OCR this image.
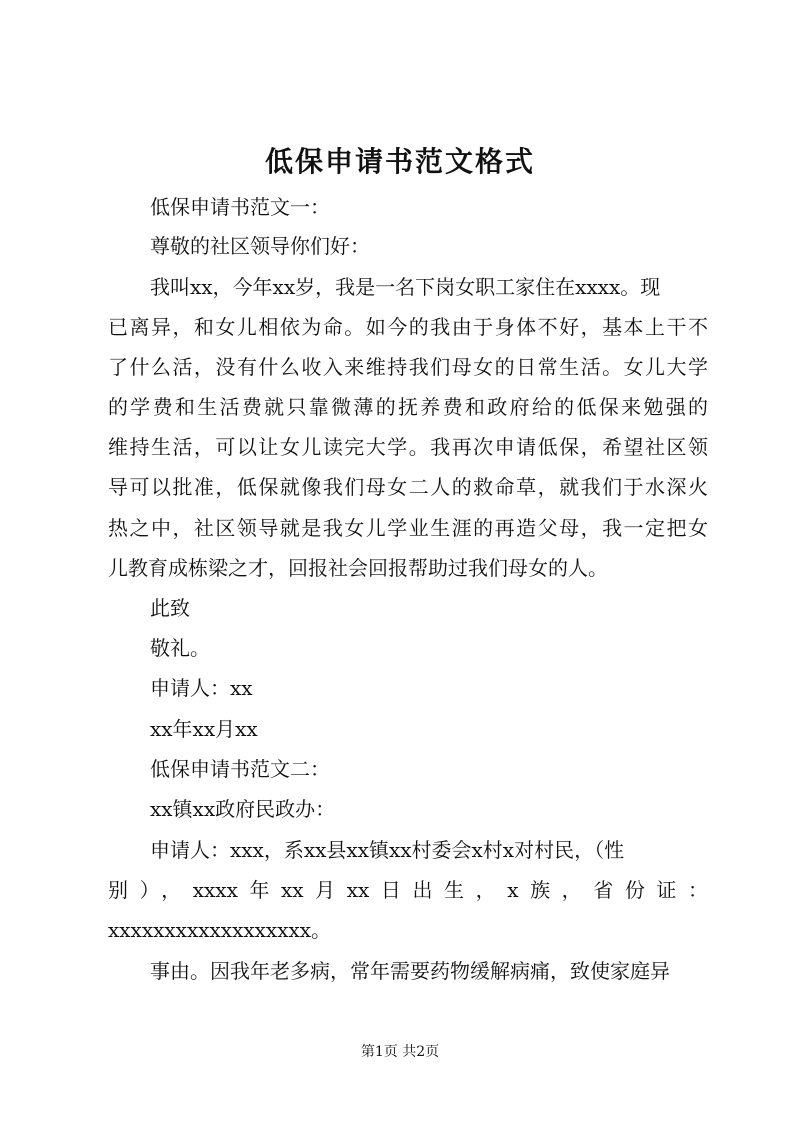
低保申请书范文格式
低保申请书范文一：
尊敬的社区领导你们好：
我叫xx，今年xx岁，我是一名下岗女职工家住在xxxx。现
已离异，和女儿相依为命。如今的我由于身体不好，基本上干不
了什么活，没有什么收入来维持我们母女的日常生活。女儿大学
的学费和生活费就只靠微薄的抚养费和政府给的低保来勉强的
维持生活，可以让女儿读完大学。我再次申请低保，希望社区领
导可以批准，低保就像我们母女二人的救命草，就我们于水深火
热之中，社区领导就是我女儿学业生涯的再造父母，我一定把女
儿教育成栋梁之才，回报社会回报帮助过我们母女的人。
此致
敬礼。
申请人：xx
xx年xx月xx
低保申请书范文二：
xx镇xx政府民政办：
申请人：xxx，系xx县xx镇xx村委会x村x对村民，（性
别），xxxx年xx月xx日出生，x族，省份证：
xxxxxxxxxxxxxxxxxx。
事由。因我年老多病，常年需要药物缓解病痛，致使家庭异
第1页 共2页
